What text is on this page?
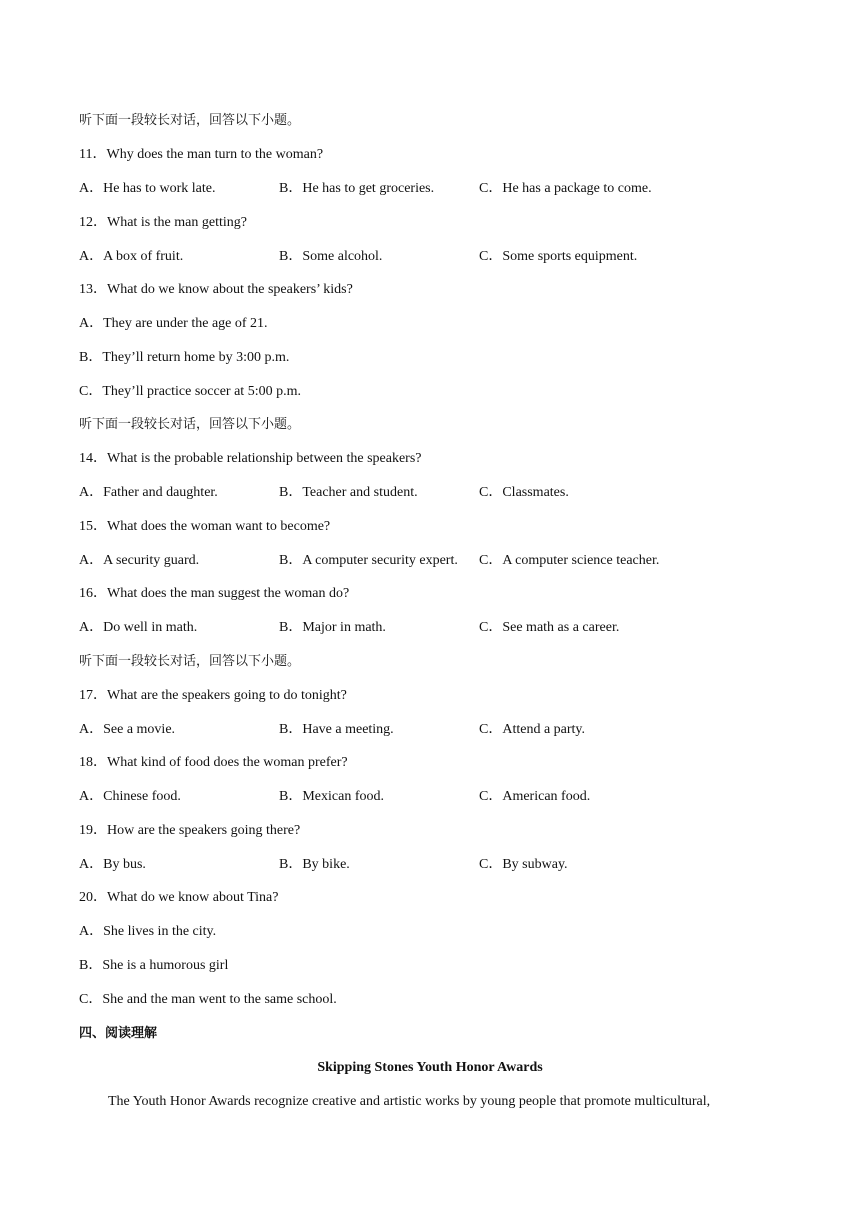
听下面一段较长对话，回答以下小题。
11．Why does the man turn to the woman?
A．He has to work late.	B．He has to get groceries.	C．He has a package to come.
12．What is the man getting?
A．A box of fruit.	B．Some alcohol.	C．Some sports equipment.
13．What do we know about the speakers’ kids?
A．They are under the age of 21.
B．They’ll return home by 3:00 p.m.
C．They’ll practice soccer at 5:00 p.m.
听下面一段较长对话，回答以下小题。
14．What is the probable relationship between the speakers?
A．Father and daughter.	B．Teacher and student.	C．Classmates.
15．What does the woman want to become?
A．A security guard.	B．A computer security expert. C．A computer science teacher.
16．What does the man suggest the woman do?
A．Do well in math.	B．Major in math.	C．See math as a career.
听下面一段较长对话，回答以下小题。
17．What are the speakers going to do tonight?
A．See a movie.	B．Have a meeting.	C．Attend a party.
18．What kind of food does the woman prefer?
A．Chinese food.	B．Mexican food.	C．American food.
19．How are the speakers going there?
A．By bus.	B．By bike.	C．By subway.
20．What do we know about Tina?
A．She lives in the city.
B．She is a humorous girl
C．She and the man went to the same school.
四、阅读理解
Skipping Stones Youth Honor Awards
The Youth Honor Awards recognize creative and artistic works by young people that promote multicultural,
